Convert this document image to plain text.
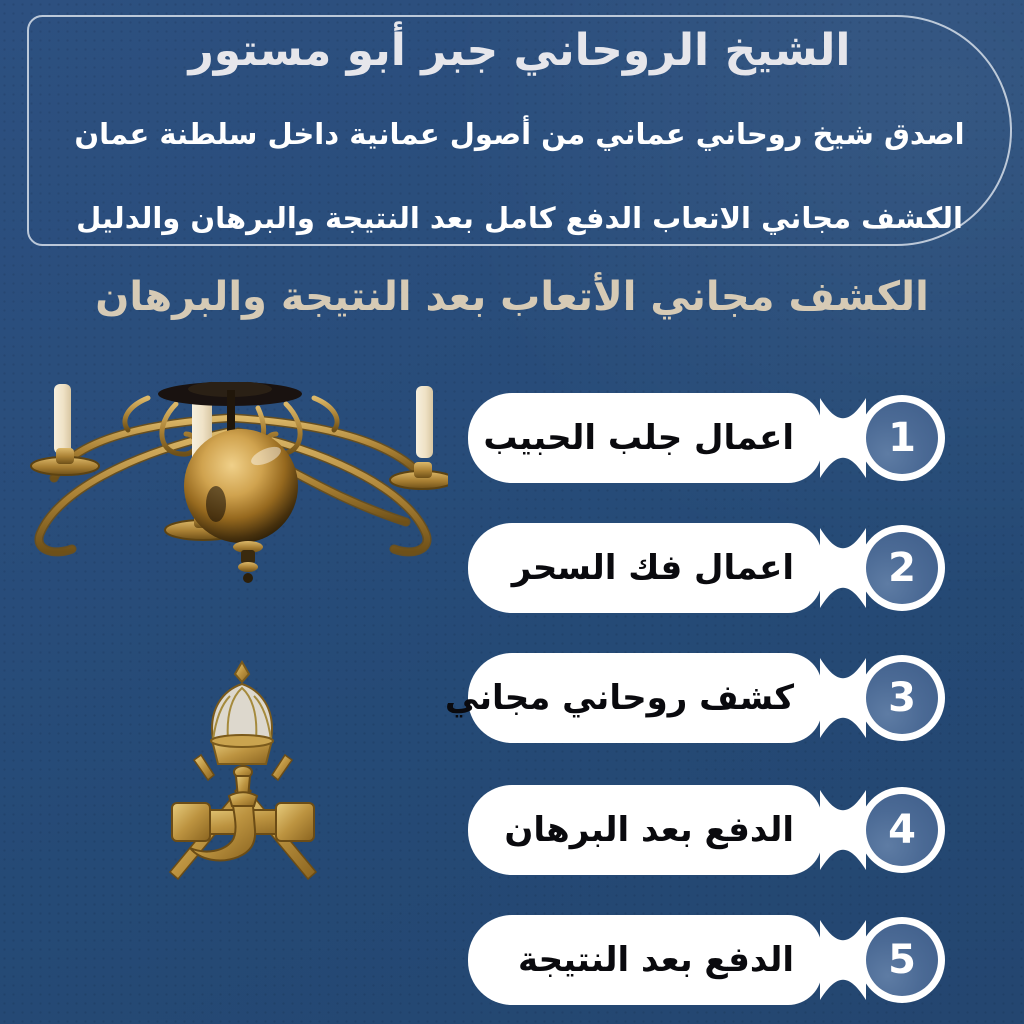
الشيخ الروحاني جبر أبو مستور
اصدق شيخ روحاني عماني من أصول عمانية داخل سلطنة عمان
الكشف مجاني الاتعاب الدفع كامل بعد النتيجة والبرهان والدليل
الكشف مجاني الأتعاب بعد النتيجة والبرهان
اعمال جلب الحبيب 1
اعمال فك السحر 2
كشف روحاني مجاني 3
الدفع بعد البرهان 4
الدفع بعد النتيجة 5
